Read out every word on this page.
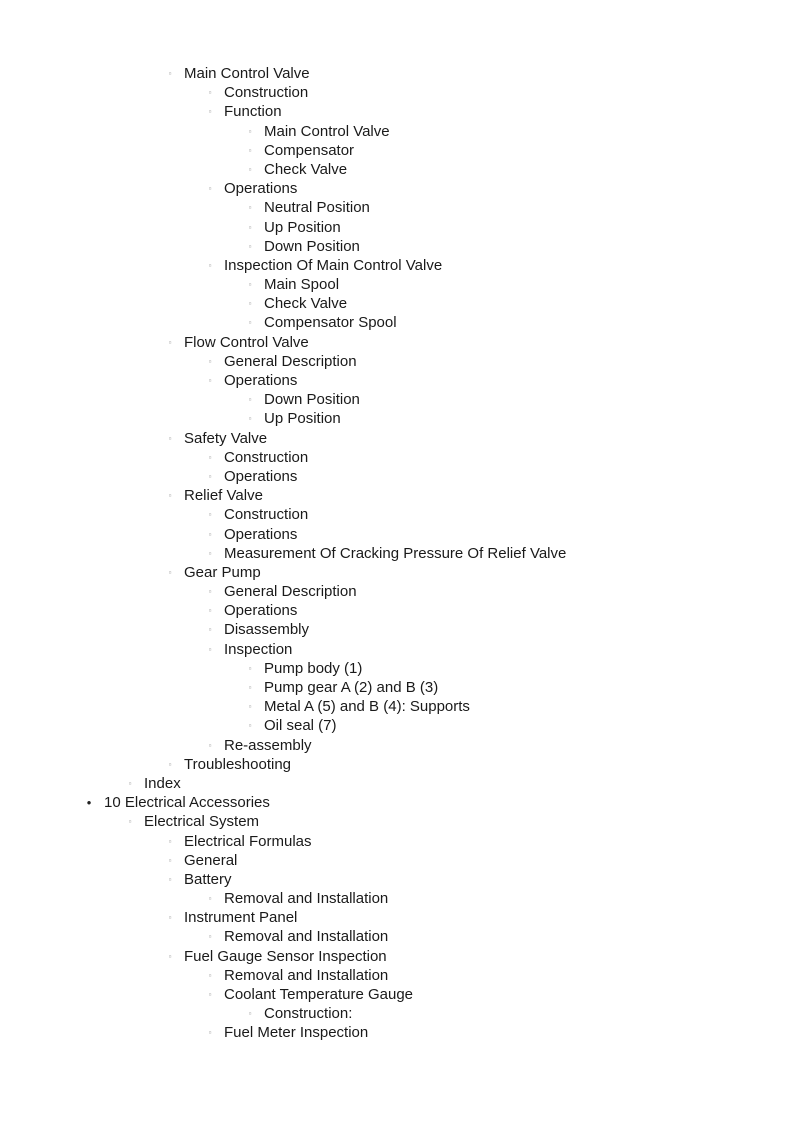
▫ Main Control Valve
▫ Construction
▫ Function
▫ Main Control Valve
▫ Compensator
▫ Check Valve
▫ Operations
▫ Neutral Position
▫ Up Position
▫ Down Position
▫ Inspection Of Main Control Valve
▫ Main Spool
▫ Check Valve
▫ Compensator Spool
▫ Flow Control Valve
▫ General Description
▫ Operations
▫ Down Position
▫ Up Position
▫ Safety Valve
▫ Construction
▫ Operations
▫ Relief Valve
▫ Construction
▫ Operations
▫ Measurement Of Cracking Pressure Of Relief Valve
▫ Gear Pump
▫ General Description
▫ Operations
▫ Disassembly
▫ Inspection
▫ Pump body (1)
▫ Pump gear A (2) and B (3)
▫ Metal A (5) and B (4): Supports
▫ Oil seal (7)
▫ Re-assembly
▫ Troubleshooting
▫ Index
• 10 Electrical Accessories
▫ Electrical System
▫ Electrical Formulas
▫ General
▫ Battery
▫ Removal and Installation
▫ Instrument Panel
▫ Removal and Installation
▫ Fuel Gauge Sensor Inspection
▫ Removal and Installation
▫ Coolant Temperature Gauge
▫ Construction:
▫ Fuel Meter Inspection
